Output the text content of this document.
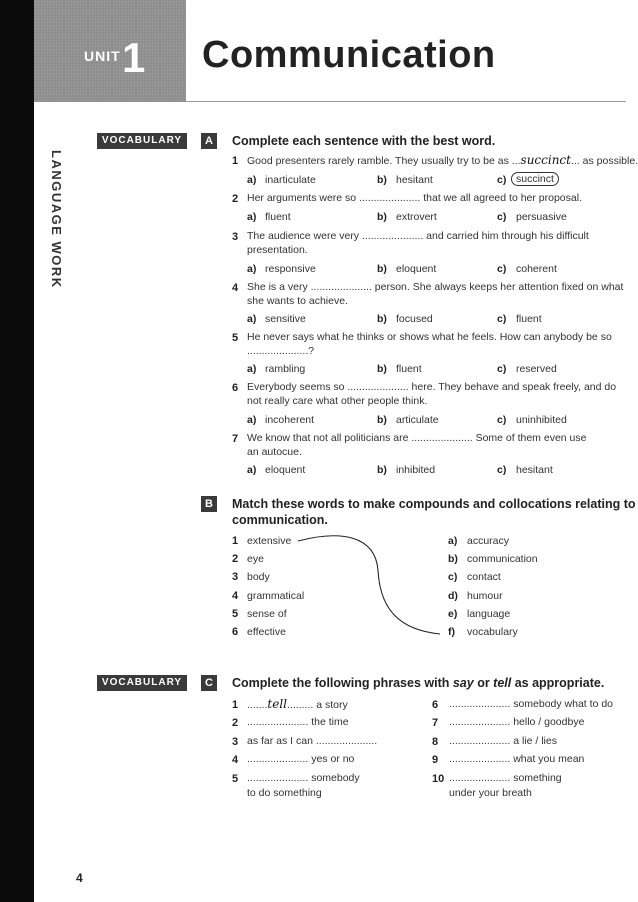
UNIT 1 Communication
LANGUAGE WORK
VOCABULARY	A	Complete each sentence with the best word.
1 Good presenters rarely ramble. They usually try to be as ...succinct... as possible.
a) inarticulate	b) hesitant	c) succinct
2 Her arguments were so ..................... that we all agreed to her proposal.
a) fluent	b) extrovert	c) persuasive
3 The audience were very ..................... and carried him through his difficult
presentation.
a) responsive	b) eloquent	c) coherent
4 She is a very ..................... person. She always keeps her attention fixed on what
she wants to achieve.
a) sensitive	b) focused	c) fluent
5 He never says what he thinks or shows what he feels. How can anybody be so
.....................?
a) rambling	b) fluent	c) reserved
6 Everybody seems so ..................... here. They behave and speak freely, and do
not really care what other people think.
a) incoherent	b) articulate	c) uninhibited
7 We know that not all politicians are ..................... Some of them even use
an autocue.
a) eloquent	b) inhibited	c) hesitant
B	Match these words to make compounds and collocations relating to
communication.
1 extensive
2 eye
3 body
4 grammatical
5 sense of
6 effective
a) accuracy
b) communication
c) contact
d) humour
e) language
f) vocabulary
VOCABULARY +
C	Complete the following phrases with say or tell as appropriate.
1 .......tell......... a story
2 ..................... the time
3 as far as I can .....................
4 ..................... yes or no
5 ..................... somebody
to do something
6 ..................... somebody what to do
7 ..................... hello / goodbye
8 ..................... a lie / lies
9 ..................... what you mean
10 ..................... something
under your breath
4
